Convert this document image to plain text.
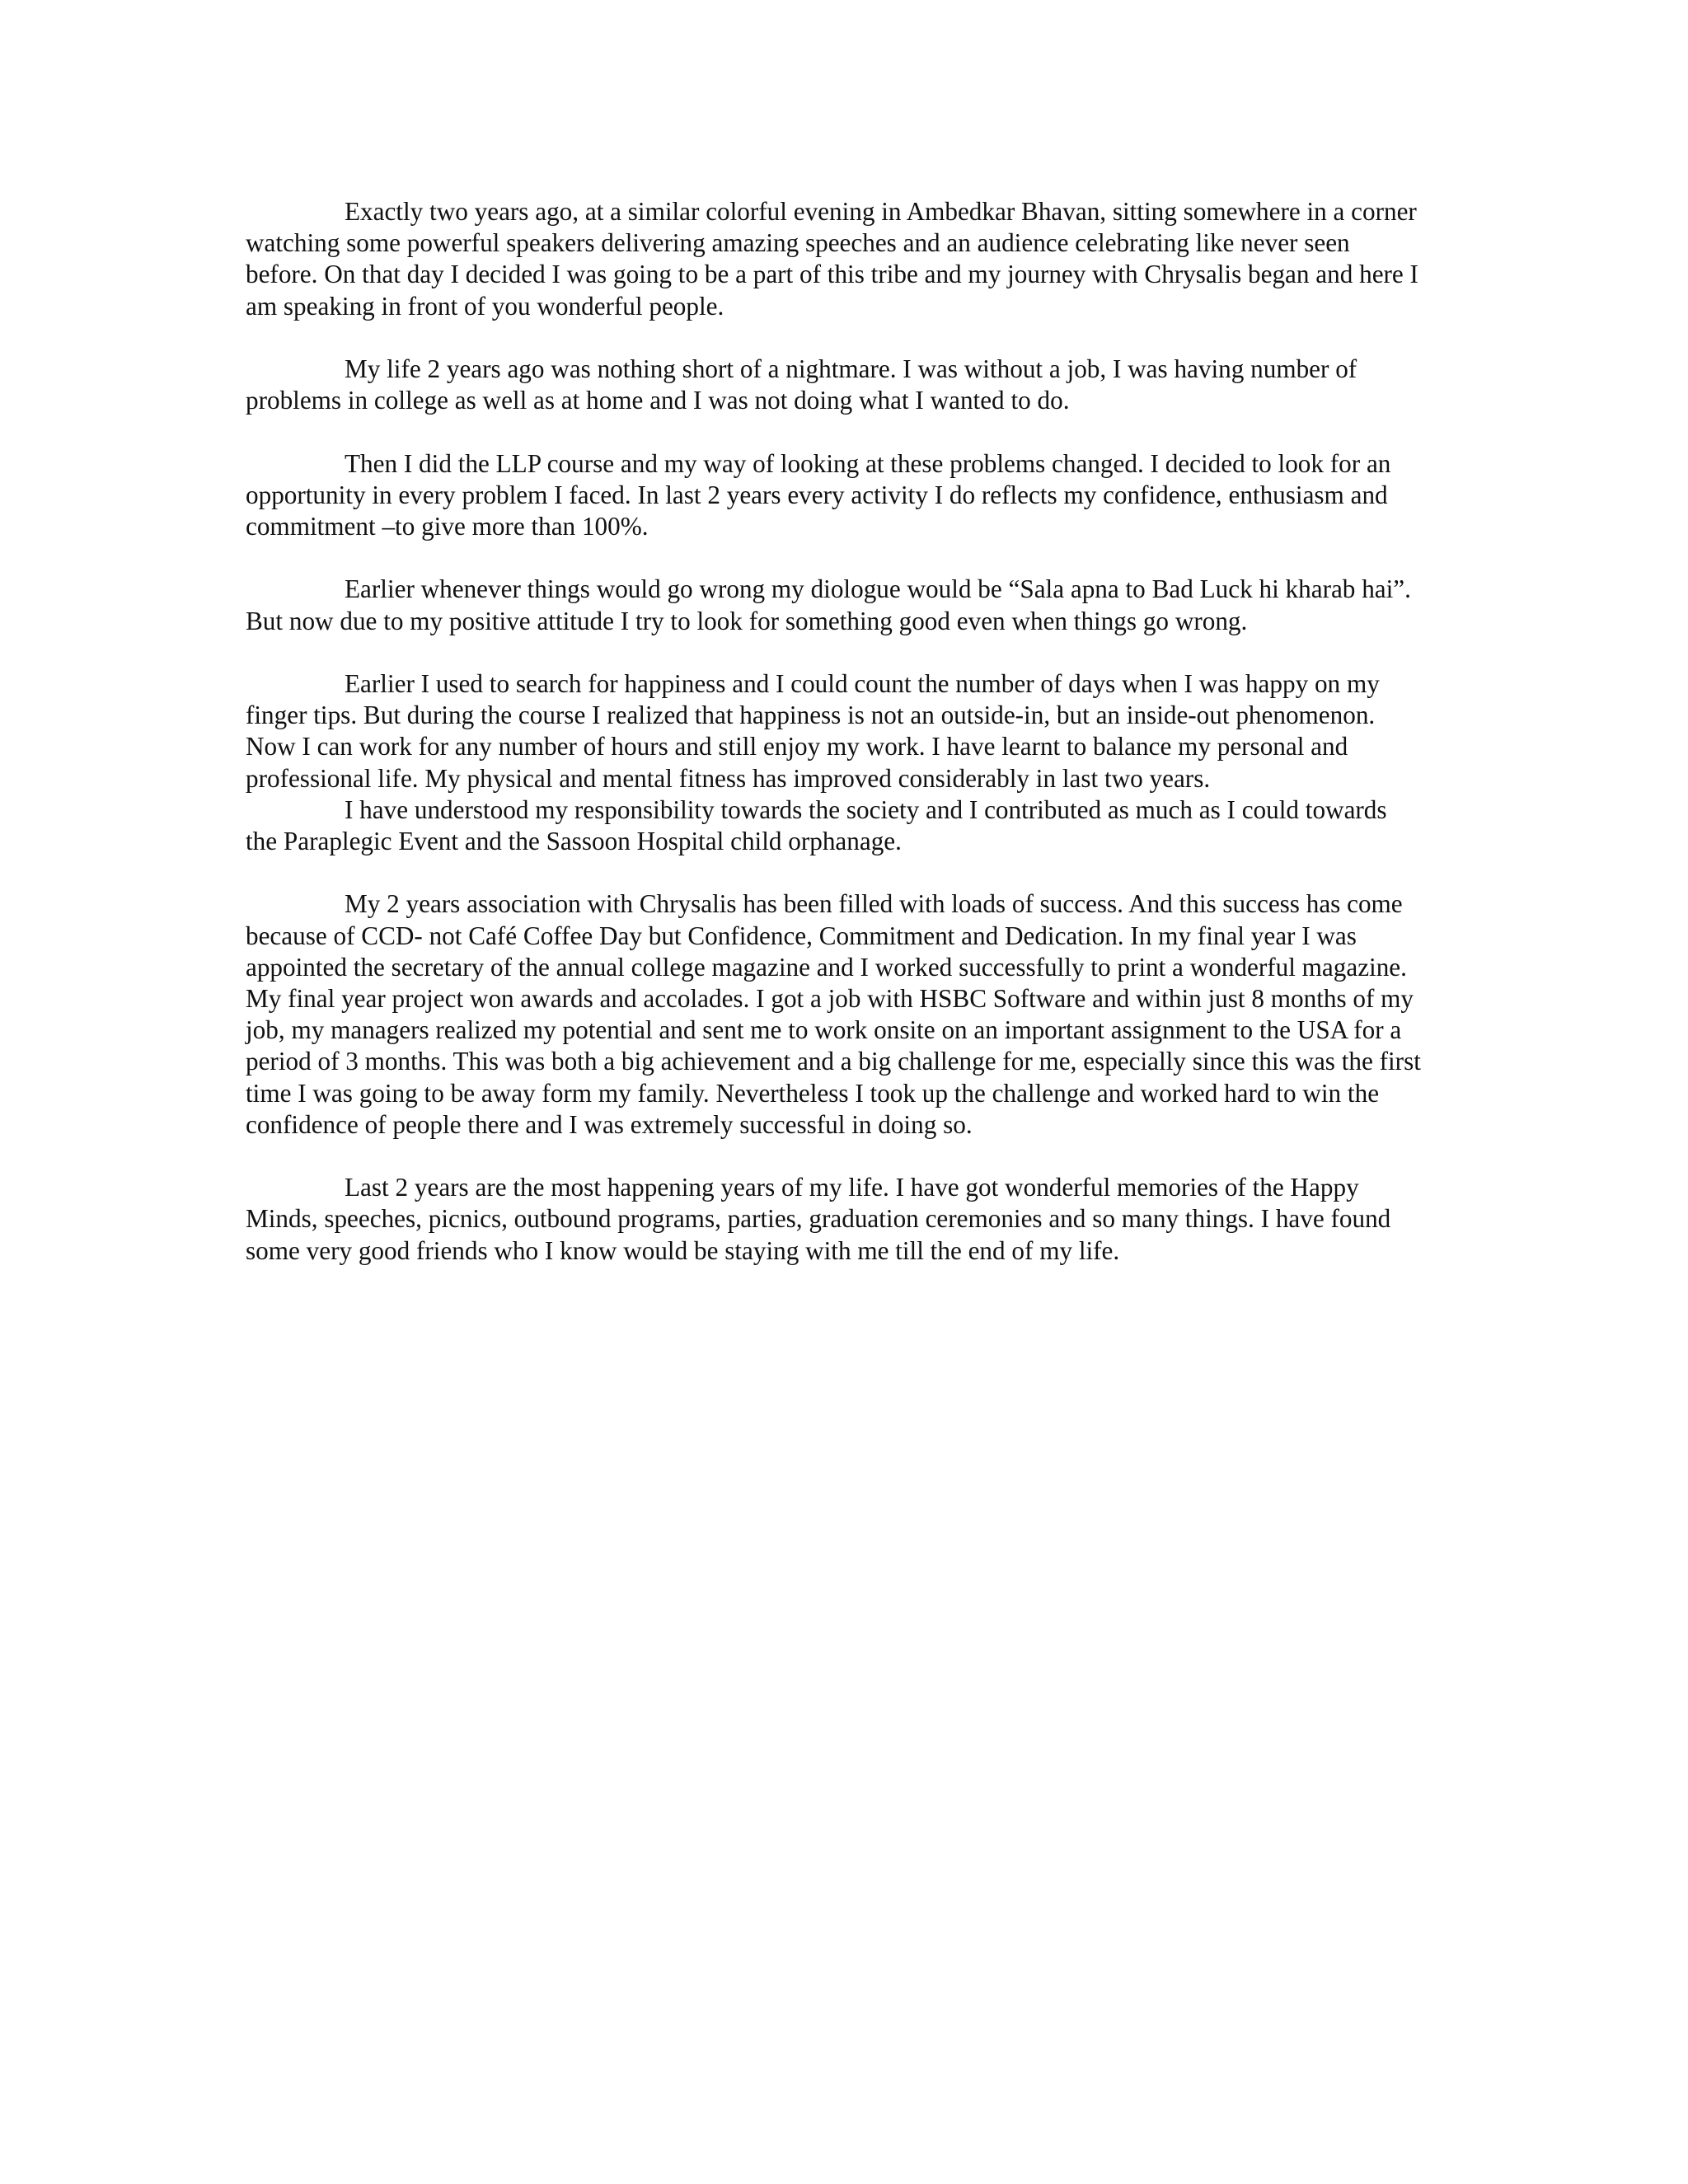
Exactly two years ago, at a similar colorful evening in Ambedkar Bhavan, sitting somewhere in a corner watching some powerful speakers delivering amazing speeches and an audience celebrating like never seen before. On that day I decided I was going to be a part of this tribe and my journey with Chrysalis began and here I am speaking in front of you wonderful people.

My life 2 years ago was nothing short of a nightmare. I was without a job, I was having number of problems in college as well as at home and I was not doing what I wanted to do.

Then I did the LLP course and my way of looking at these problems changed. I decided to look for an opportunity in every problem I faced. In last 2 years every activity I do reflects my confidence, enthusiasm and commitment –to give more than 100%.

Earlier whenever things would go wrong my diologue would be “Sala apna to Bad Luck hi kharab hai”. But now due to my positive attitude I try to look for something good even when things go wrong.

Earlier I used to search for happiness and I could count the number of days when I was happy on my finger tips. But during the course I realized that happiness is not an outside-in, but an inside-out phenomenon. Now I can work for any number of hours and still enjoy my work. I have learnt to balance my personal and professional life. My physical and mental fitness has improved considerably in last two years.

I have understood my responsibility towards the society and I contributed as much as I could towards the Paraplegic Event and the Sassoon Hospital child orphanage.

My 2 years association with Chrysalis has been filled with loads of success. And this success has come because of CCD- not Café Coffee Day but Confidence, Commitment and Dedication. In my final year I was appointed the secretary of the annual college magazine and I worked successfully to print a wonderful magazine. My final year project won awards and accolades. I got a job with HSBC Software and within just 8 months of my job, my managers realized my potential and sent me to work onsite on an important assignment to the USA for a period of 3 months. This was both a big achievement and a big challenge for me, especially since this was the first time I was going to be away form my family. Nevertheless I took up the challenge and worked hard to win the confidence of people there and I was extremely successful in doing so.

Last 2 years are the most happening years of my life. I have got wonderful memories of the Happy Minds, speeches, picnics, outbound programs, parties, graduation ceremonies and so many things. I have found some very good friends who I know would be staying with me till the end of my life.
